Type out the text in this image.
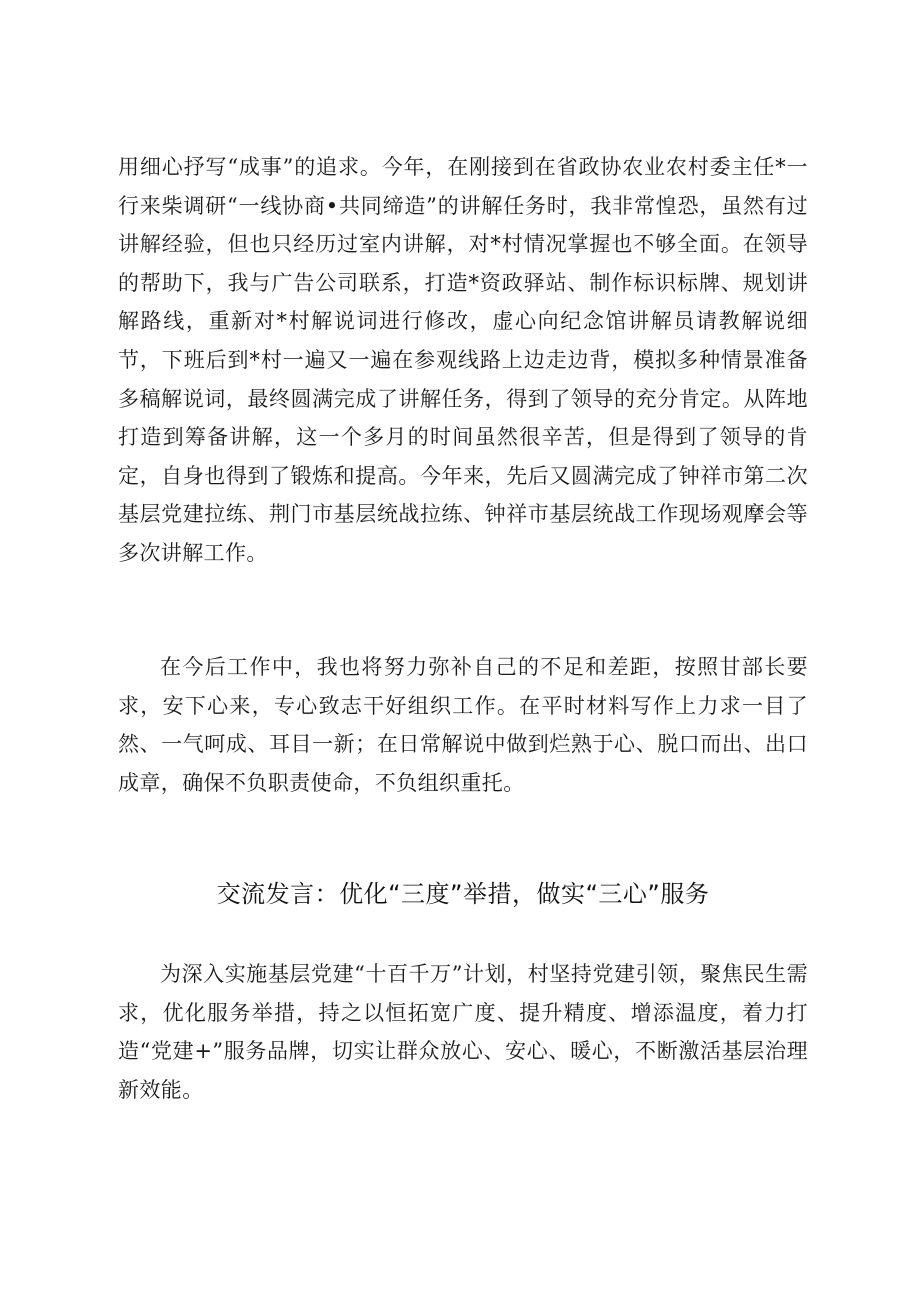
用细心抒写“成事”的追求。今年，在刚接到在省政协农业农村委主任*一行来柴调研“一线协商•共同缔造”的讲解任务时，我非常惶恐，虽然有过讲解经验，但也只经历过室内讲解，对*村情况掌握也不够全面。在领导的帮助下，我与广告公司联系，打造*资政驿站、制作标识标牌、规划讲解路线，重新对*村解说词进行修改，虚心向纪念馆讲解员请教解说细节，下班后到*村一遍又一遍在参观线路上边走边背，模拟多种情景准备多稿解说词，最终圆满完成了讲解任务，得到了领导的充分肯定。从阵地打造到筹备讲解，这一个多月的时间虽然很辛苦，但是得到了领导的肯定，自身也得到了锻炼和提高。今年来，先后又圆满完成了钟祥市第二次基层党建拉练、荆门市基层统战拉练、钟祥市基层统战工作现场观摩会等多次讲解工作。

在今后工作中，我也将努力弥补自己的不足和差距，按照甘部长要求，安下心来，专心致志干好组织工作。在平时材料写作上力求一目了然、一气呵成、耳目一新；在日常解说中做到烂熟于心、脱口而出、出口成章，确保不负职责使命，不负组织重托。

交流发言：优化“三度”举措，做实“三心”服务

为深入实施基层党建“十百千万”计划，村坚持党建引领，聚焦民生需求，优化服务举措，持之以恒拓宽广度、提升精度、增添温度，着力打造“党建+”服务品牌，切实让群众放心、安心、暖心，不断激活基层治理新效能。
